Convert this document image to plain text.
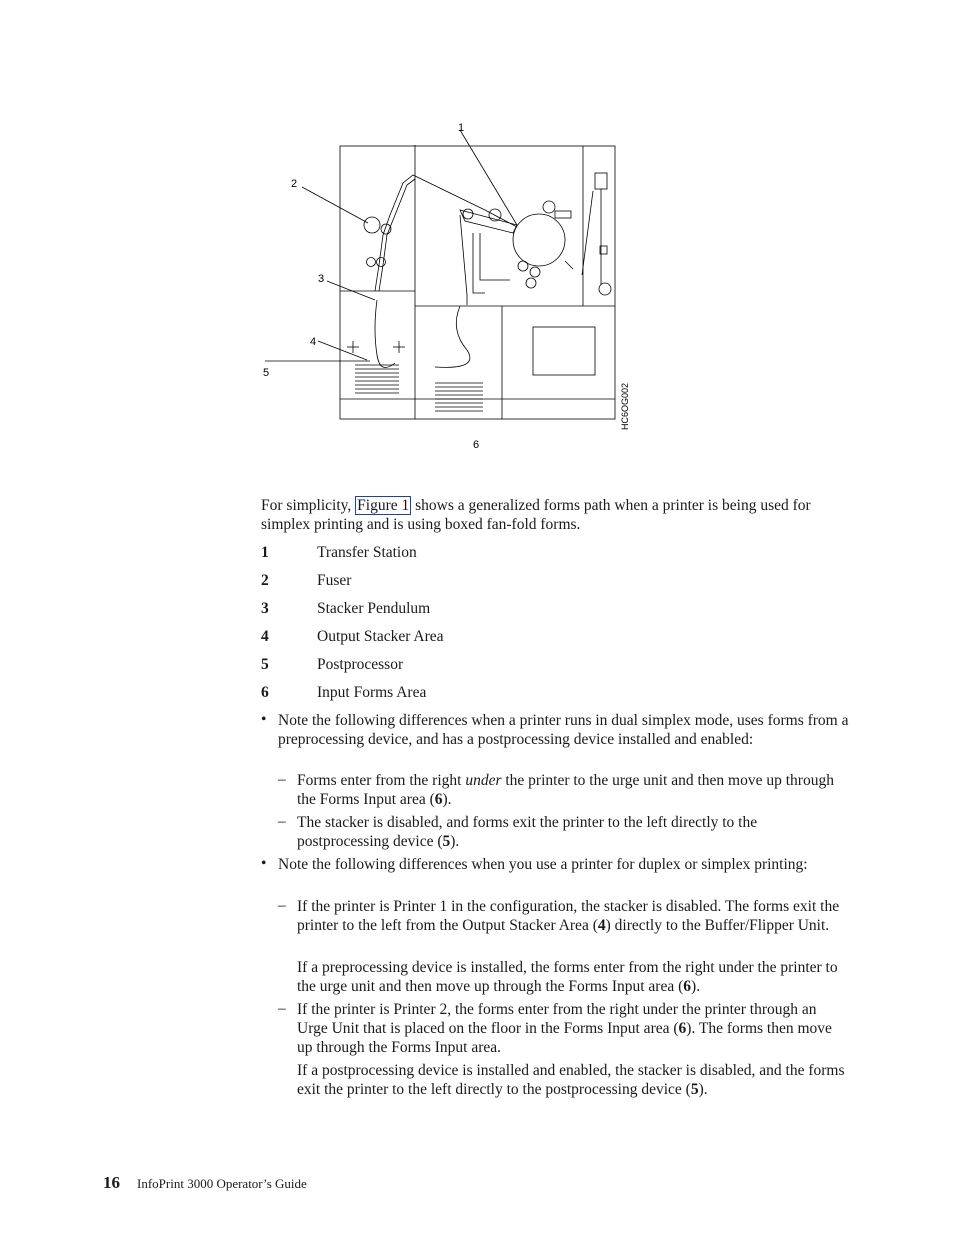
1
2
3
4
5
6
HC6OG002
For simplicity, Figure 1 shows a generalized forms path when a printer is being used for simplex printing and is using boxed fan-fold forms.
1	Transfer Station
2	Fuser
3	Stacker Pendulum
4	Output Stacker Area
5	Postprocessor
6	Input Forms Area
• Note the following differences when a printer runs in dual simplex mode, uses forms from a preprocessing device, and has a postprocessing device installed and enabled:
– Forms enter from the right under the printer to the urge unit and then move up through the Forms Input area (6).
– The stacker is disabled, and forms exit the printer to the left directly to the postprocessing device (5).
• Note the following differences when you use a printer for duplex or simplex printing:
– If the printer is Printer 1 in the configuration, the stacker is disabled. The forms exit the printer to the left from the Output Stacker Area (4) directly to the Buffer/Flipper Unit.
If a preprocessing device is installed, the forms enter from the right under the printer to the urge unit and then move up through the Forms Input area (6).
– If the printer is Printer 2, the forms enter from the right under the printer through an Urge Unit that is placed on the floor in the Forms Input area (6). The forms then move up through the Forms Input area.
If a postprocessing device is installed and enabled, the stacker is disabled, and the forms exit the printer to the left directly to the postprocessing device (5).
16 InfoPrint 3000 Operator’s Guide
